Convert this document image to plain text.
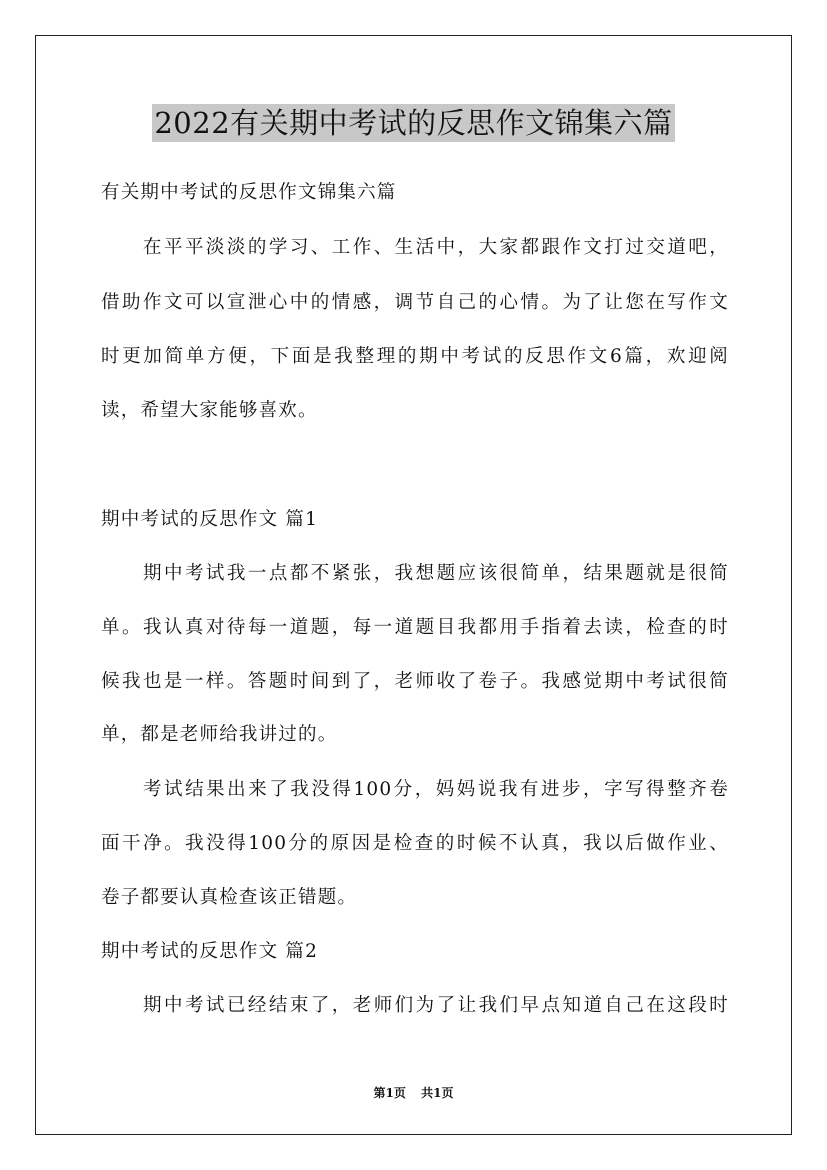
2022有关期中考试的反思作文锦集六篇
有关期中考试的反思作文锦集六篇
在平平淡淡的学习、工作、生活中，大家都跟作文打过交道吧，
借助作文可以宣泄心中的情感，调节自己的心情。为了让您在写作文
时更加简单方便，下面是我整理的期中考试的反思作文6篇，欢迎阅
读，希望大家能够喜欢。
期中考试的反思作文 篇1
期中考试我一点都不紧张，我想题应该很简单，结果题就是很简
单。我认真对待每一道题，每一道题目我都用手指着去读，检查的时
候我也是一样。答题时间到了，老师收了卷子。我感觉期中考试很简
单，都是老师给我讲过的。
考试结果出来了我没得100分，妈妈说我有进步，字写得整齐卷
面干净。我没得100分的原因是检查的时候不认真，我以后做作业、
卷子都要认真检查该正错题。
期中考试的反思作文 篇2
期中考试已经结束了，老师们为了让我们早点知道自己在这段时
第1页 共1页
